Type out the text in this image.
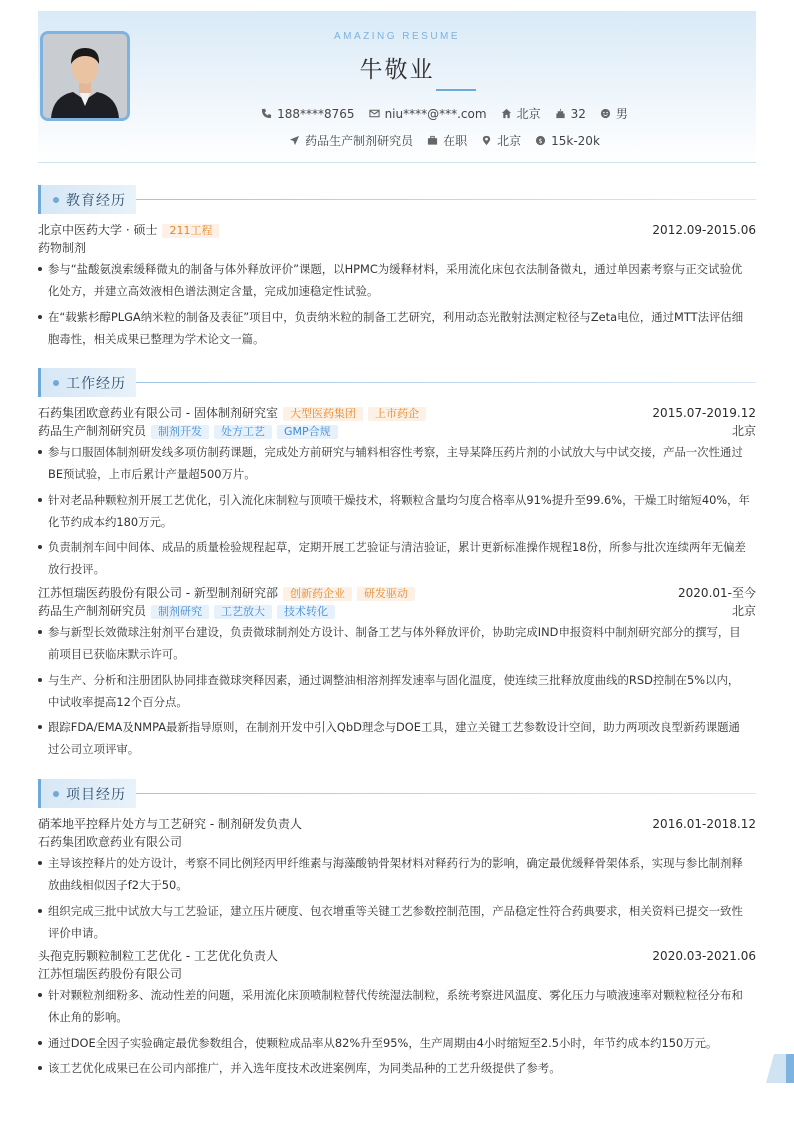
AMAZING RESUME
牛敬业
188****8765	niu****@***.com	北京	32	男
药品生产制剂研究员	在职	北京 $ 15k-20k
教育经历
北京中医药大学 · 硕士	211工程	2012.09-2015.06
药物制剂
参与“盐酸氨溴索缓释微丸的制备与体外释放评价”课题，以HPMC为缓释材料，采用流化床包衣法制备微丸，通过单因素考察与正交试验优化处方，并建立高效液相色谱法测定含量，完成加速稳定性试验。
在“载紫杉醇PLGA纳米粒的制备及表征”项目中，负责纳米粒的制备工艺研究，利用动态光散射法测定粒径与Zeta电位，通过MTT法评估细胞毒性，相关成果已整理为学术论文一篇。
工作经历
石药集团欧意药业有限公司 - 固体制剂研究室	大型医药集团	上市药企	2015.07-2019.12
药品生产制剂研究员	制剂开发	处方工艺	GMP合规	北京
参与口服固体制剂研发线多项仿制药课题，完成处方前研究与辅料相容性考察，主导某降压药片剂的小试放大与中试交接，产品一次性通过BE预试验，上市后累计产量超500万片。
针对老品种颗粒剂开展工艺优化，引入流化床制粒与顶喷干燥技术，将颗粒含量均匀度合格率从91%提升至99.6%，干燥工时缩短40%，年化节约成本约180万元。
负责制剂车间中间体、成品的质量检验规程起草，定期开展工艺验证与清洁验证，累计更新标准操作规程18份，所参与批次连续两年无偏差放行投评。
江苏恒瑞医药股份有限公司 - 新型制剂研究部	创新药企业	研发驱动	2020.01-至今
药品生产制剂研究员	制剂研究	工艺放大	技术转化	北京
参与新型长效微球注射剂平台建设，负责微球制剂处方设计、制备工艺与体外释放评价，协助完成IND申报资料中制剂研究部分的撰写，目前项目已获临床默示许可。
与生产、分析和注册团队协同排查微球突释因素，通过调整油相溶剂挥发速率与固化温度，使连续三批释放度曲线的RSD控制在5%以内，中试收率提高12个百分点。
跟踪FDA/EMA及NMPA最新指导原则，在制剂开发中引入QbD理念与DOE工具，建立关键工艺参数设计空间，助力两项改良型新药课题通过公司立项评审。
项目经历
硝苯地平控释片处方与工艺研究 - 制剂研发负责人	2016.01-2018.12
石药集团欧意药业有限公司
主导该控释片的处方设计，考察不同比例羟丙甲纤维素与海藻酸钠骨架材料对释药行为的影响，确定最优缓释骨架体系，实现与参比制剂释放曲线相似因子f2大于50。
组织完成三批中试放大与工艺验证，建立压片硬度、包衣增重等关键工艺参数控制范围，产品稳定性符合药典要求，相关资料已提交一致性评价申请。
头孢克肟颗粒制粒工艺优化 - 工艺优化负责人	2020.03-2021.06
江苏恒瑞医药股份有限公司
针对颗粒剂细粉多、流动性差的问题，采用流化床顶喷制粒替代传统湿法制粒，系统考察进风温度、雾化压力与喷液速率对颗粒粒径分布和休止角的影响。
通过DOE全因子实验确定最优参数组合，使颗粒成品率从82%升至95%，生产周期由4小时缩短至2.5小时，年节约成本约150万元。
该工艺优化成果已在公司内部推广，并入选年度技术改进案例库，为同类品种的工艺升级提供了参考。
